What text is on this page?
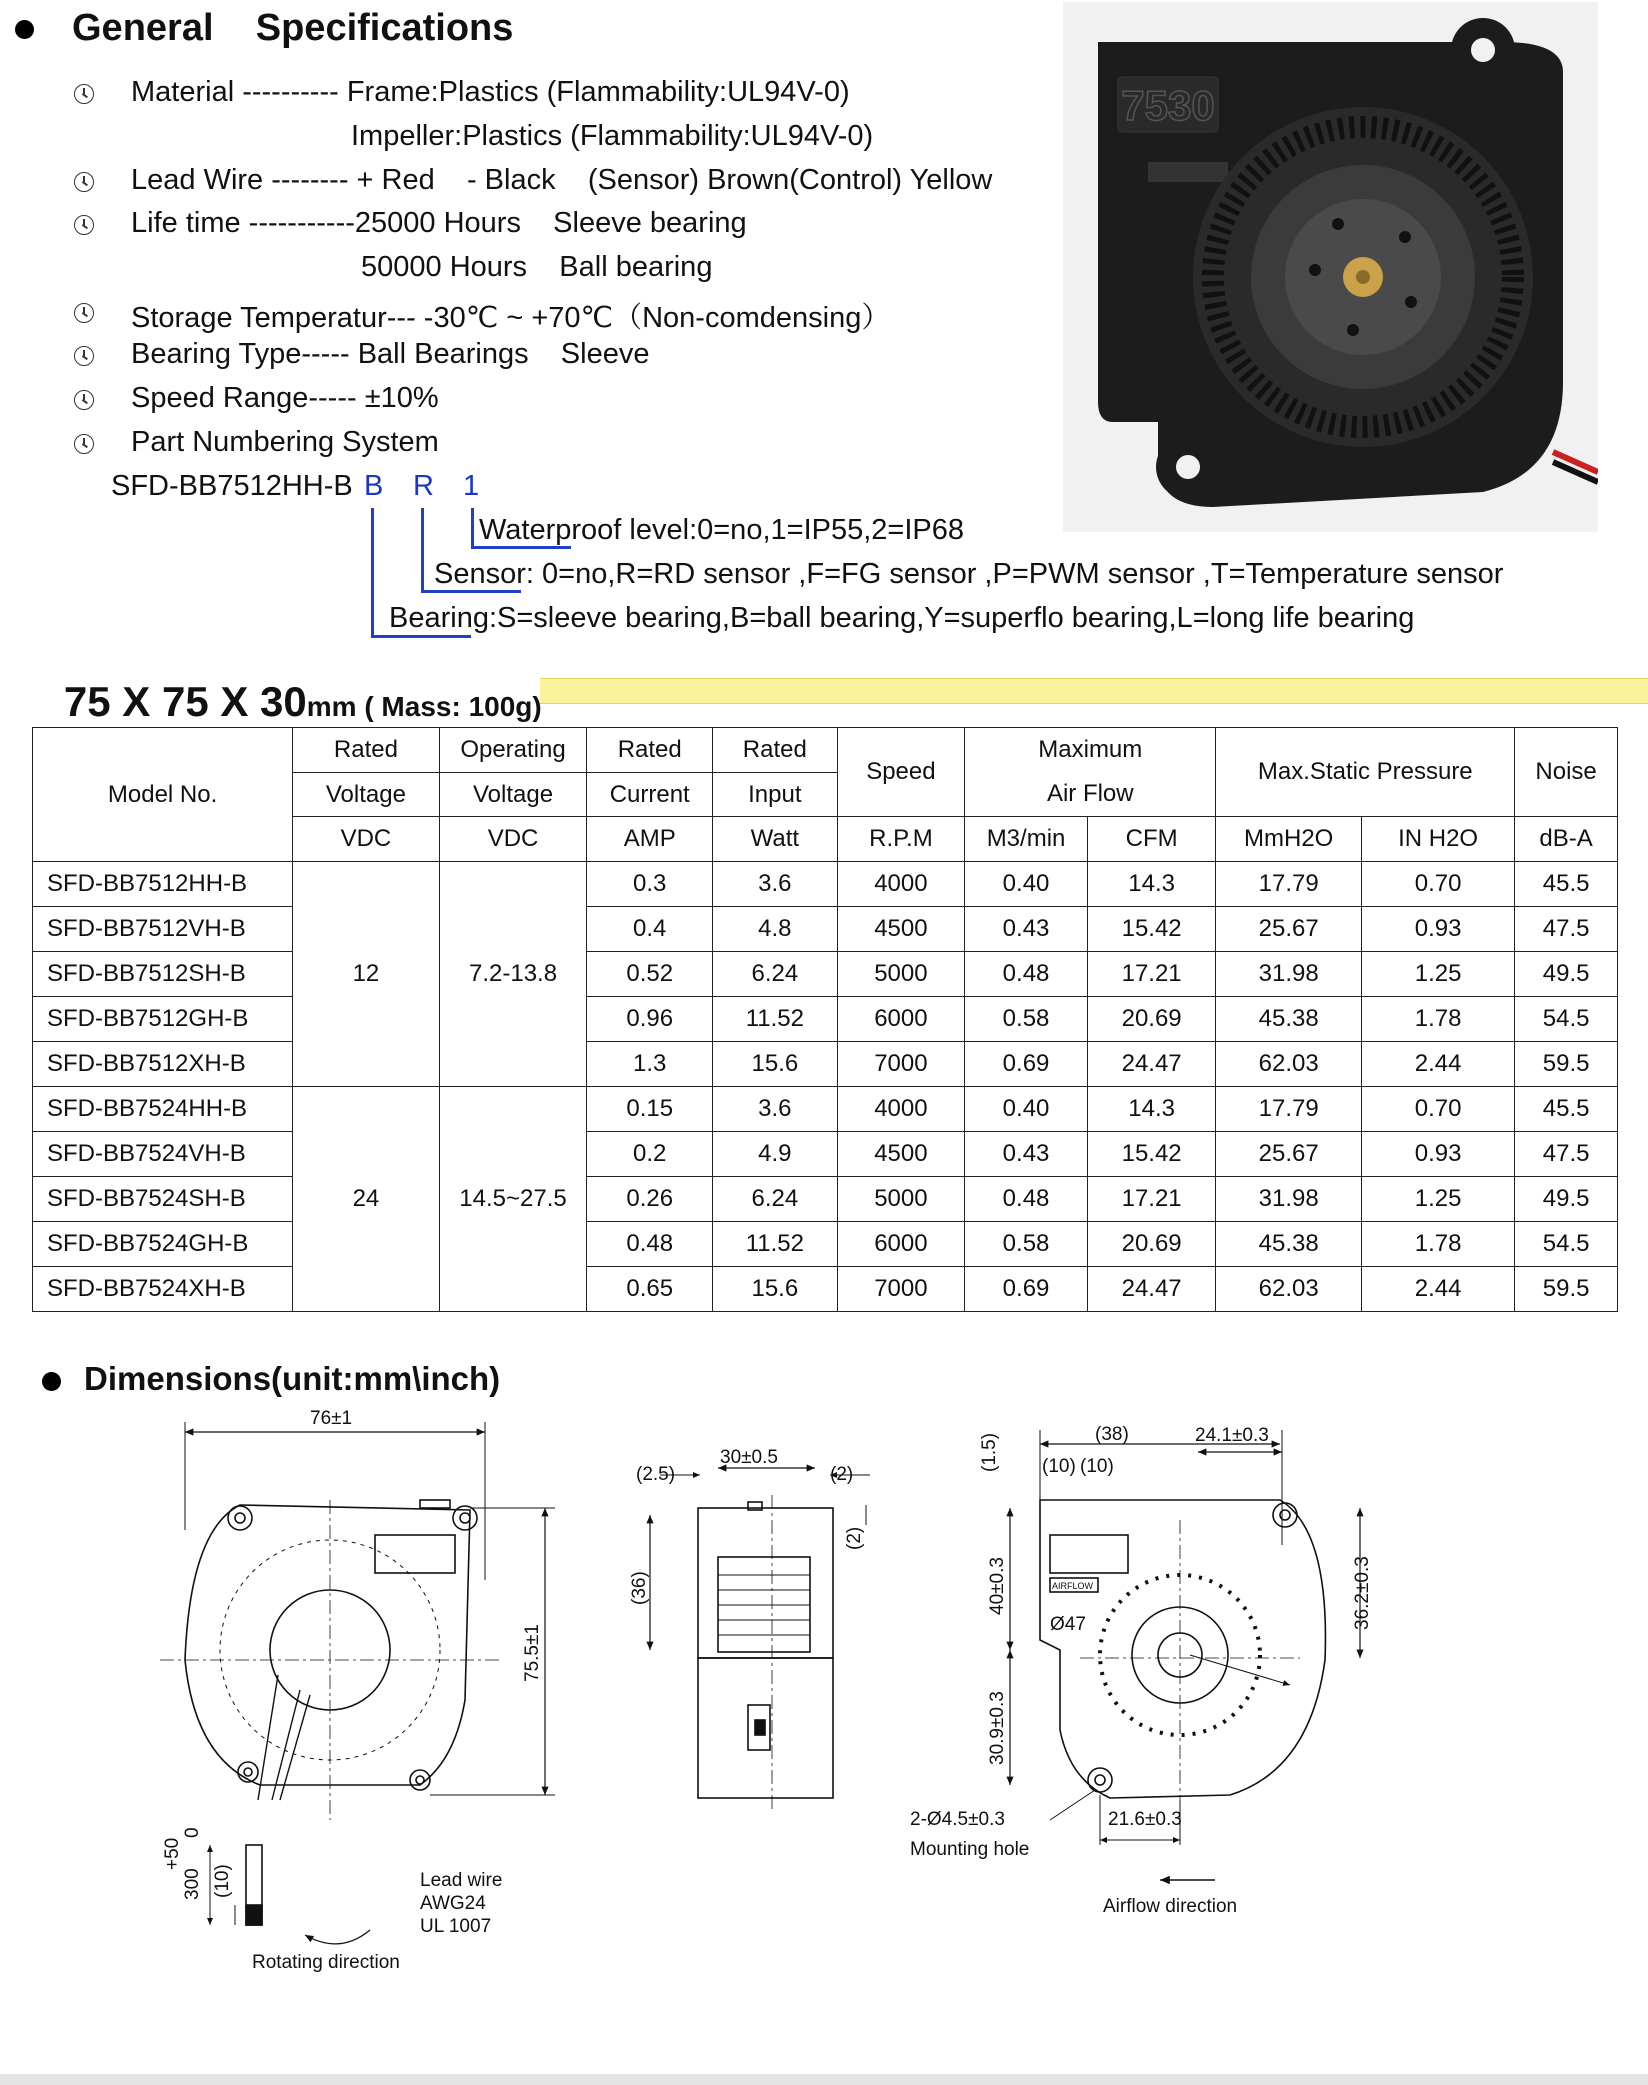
General    Specifications
Material ---------- Frame:Plastics (Flammability:UL94V-0)
Impeller:Plastics (Flammability:UL94V-0)
Lead Wire -------- + Red    - Black    (Sensor) Brown(Control) Yellow
Life time -----------25000 Hours    Sleeve bearing
50000 Hours    Ball bearing
Storage Temperatur--- -30℃ ~ +70℃（Non-comdensing）
Bearing Type----- Ball Bearings    Sleeve
Speed Range----- ±10%
Part Numbering System
SFD-BB7512HH-B B R 1
Waterproof level:0=no,1=IP55,2=IP68
Sensor: 0=no,R=RD sensor ,F=FG sensor ,P=PWM sensor ,T=Temperature sensor
Bearing:S=sleeve bearing,B=ball bearing,Y=superflo bearing,L=long life bearing
7530

75 X 75 X 30mm ( Mass: 100g)

Model No.	Rated	Operating	Rated	Rated	Speed	Maximum		Max.Static Pressure		Noise
	Voltage	Voltage	Current	Input		Air Flow				
	VDC	VDC	AMP	Watt	R.P.M	M3/min	CFM	MmH2O	IN H2O	dB-A
SFD-BB7512HH-B	12	7.2-13.8	0.3	3.6	4000	0.40	14.3	17.79	0.70	45.5
SFD-BB7512VH-B			0.4	4.8	4500	0.43	15.42	25.67	0.93	47.5
SFD-BB7512SH-B			0.52	6.24	5000	0.48	17.21	31.98	1.25	49.5
SFD-BB7512GH-B			0.96	11.52	6000	0.58	20.69	45.38	1.78	54.5
SFD-BB7512XH-B			1.3	15.6	7000	0.69	24.47	62.03	2.44	59.5
SFD-BB7524HH-B	24	14.5~27.5	0.15	3.6	4000	0.40	14.3	17.79	0.70	45.5
SFD-BB7524VH-B			0.2	4.9	4500	0.43	15.42	25.67	0.93	47.5
SFD-BB7524SH-B			0.26	6.24	5000	0.48	17.21	31.98	1.25	49.5
SFD-BB7524GH-B			0.48	11.52	6000	0.58	20.69	45.38	1.78	54.5
SFD-BB7524XH-B			0.65	15.6	7000	0.69	24.47	62.03	2.44	59.5
Dimensions(unit:mm\inch)
76±1
75.5±1
300
+50
0
(10)	Lead wire
AWG24
UL 1007
Rotating direction
30±0.5
(2.5)	(2)
(2)
(36)
(38)	24.1±0.3
(10) (10)
(1.5)
40±0.3
30.9±0.3
36.2±0.3
Ø47
AIRFLOW
2-Ø4.5±0.3
Mounting hole
21.6±0.3
Airflow direction
